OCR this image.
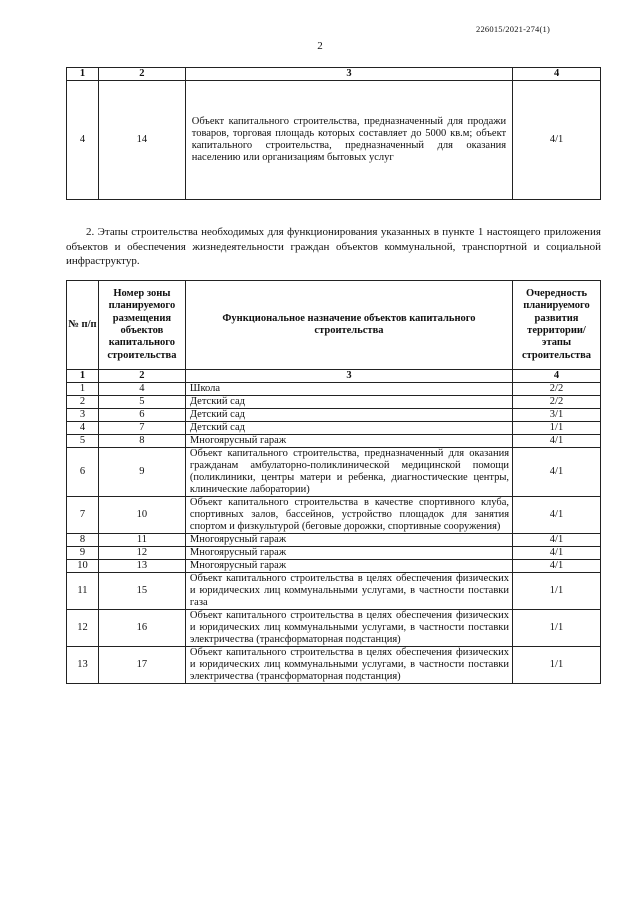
226015/2021-274(1)
2
1	2	3	4
4	14	Объект капитального строительства, предназначенный для продажи товаров, торговая площадь которых составляет до 5000 кв.м; объект капитального строительства, предназначенный для оказания населению или организациям бытовых услуг	4/1

2. Этапы строительства необходимых для функционирования указанных в пункте 1 настоящего приложения объектов и обеспечения жизнедеятельности граждан объектов коммунальной, транспортной и социальной инфраструктур.

№ п/п	Номер зоны планируемого размещения объектов капитального строительства	Функциональное назначение объектов капитального строительства	Очередность планируемого развития территории/ этапы строительства
1	2	3	4
1	4	Школа	2/2
2	5	Детский сад	2/2
3	6	Детский сад	3/1
4	7	Детский сад	1/1
5	8	Многоярусный гараж	4/1
6	9	Объект капитального строительства, предназначенный для оказания гражданам амбулаторно-поликлинической медицинской помощи (поликлиники, центры матери и ребенка, диагностические центры, клинические лаборатории)	4/1
7	10	Объект капитального строительства в качестве спортивного клуба, спортивных залов, бассейнов, устройство площадок для занятия спортом и физкультурой (беговые дорожки, спортивные сооружения)	4/1
8	11	Многоярусный гараж	4/1
9	12	Многоярусный гараж	4/1
10	13	Многоярусный гараж	4/1
11	15	Объект капитального строительства в целях обеспечения физических и юридических лиц коммунальными услугами, в частности поставки газа	1/1
12	16	Объект капитального строительства в целях обеспечения физических и юридических лиц коммунальными услугами, в частности поставки электричества (трансформаторная подстанция)	1/1
13	17	Объект капитального строительства в целях обеспечения физических и юридических лиц коммунальными услугами, в частности поставки электричества (трансформаторная подстанция)	1/1
